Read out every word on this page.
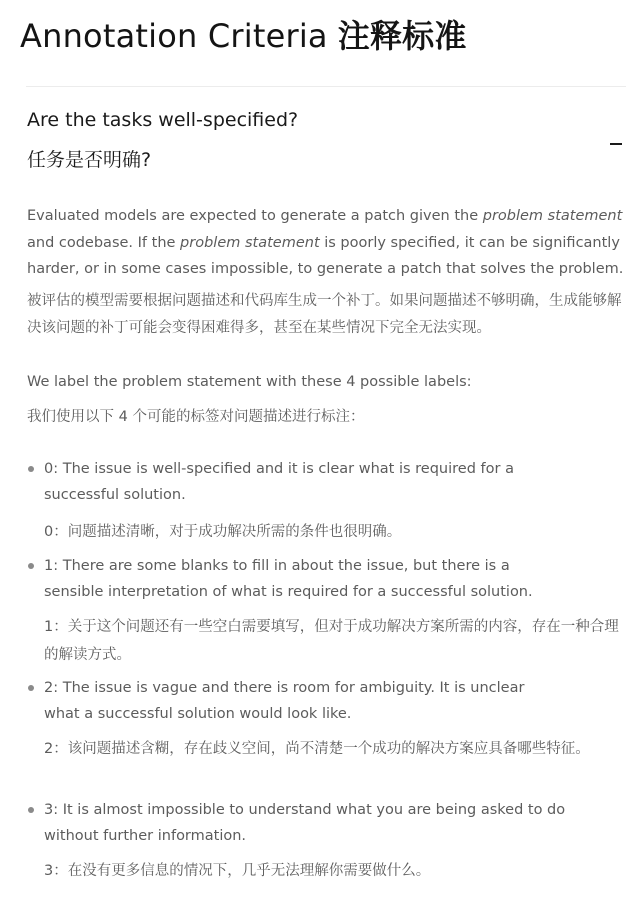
Annotation Criteria 注释标准
Are the tasks well-specified?
任务是否明确?
Evaluated models are expected to generate a patch given the problem statement and codebase. If the problem statement is poorly specified, it can be significantly harder, or in some cases impossible, to generate a patch that solves the problem.
被评估的模型需要根据问题描述和代码库生成一个补丁。如果问题描述不够明确，生成能够解决该问题的补丁可能会变得困难得多，甚至在某些情况下完全无法实现。
We label the problem statement with these 4 possible labels:
我们使用以下 4 个可能的标签对问题描述进行标注：
0: The issue is well-specified and it is clear what is required for a successful solution.
0：问题描述清晰，对于成功解决所需的条件也很明确。
1: There are some blanks to fill in about the issue, but there is a sensible interpretation of what is required for a successful solution.
1：关于这个问题还有一些空白需要填写，但对于成功解决方案所需的内容，存在一种合理的解读方式。
2: The issue is vague and there is room for ambiguity. It is unclear what a successful solution would look like.
2：该问题描述含糊，存在歧义空间，尚不清楚一个成功的解决方案应具备哪些特征。
3: It is almost impossible to understand what you are being asked to do without further information.
3：在没有更多信息的情况下，几乎无法理解你需要做什么。
